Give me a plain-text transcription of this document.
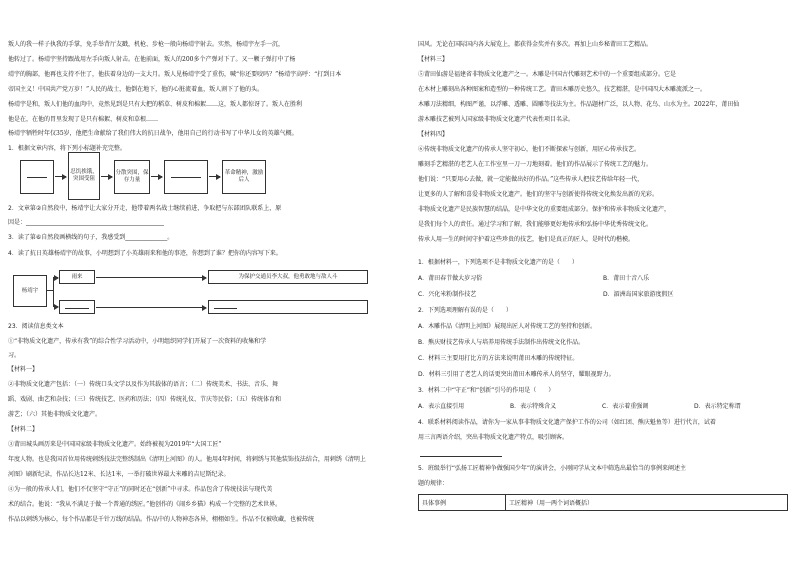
叛人的我一样子执我的手掌，免手举背厅友戳，机枪、步枪一般向杨靖宇射去。实然，杨靖宇左手一沉，
他转过了。杨靖宇坚持跟战用左手向叛人射击。在他前面，叛人的200多个产弹对下了。又一颗子弹打中了杨
靖宇的胸部，他再也支持不住了，他扶着身边的一支大月。叛人见杨靖宇受了重伤，喊“你还要咬吗？”杨靖宇高呼：“打到日本
帝国主义！中国共产党万岁！”人民的战士，他倒在地下，他的心脏流着血，叛人割下了他的头。
杨靖宇是和，叛人们他的血肉中，竟然见到是只有大把的稻草、树皮和棉絮……这，叛人都惊讶了。叛人在胜利
他是在，在他的胃里发现了是只有棉絮、树皮和草根……
杨靖宇牺牲时年仅35岁，他把生命献给了我们伟大的抗日战争，他用自己的行动书写了中华儿女的英雄气概。
1．根据文章内容，将下列小标题补充完整。
忍饥挨饿，突围受阻
分散突围，保存力量
革命精神，激励后人
2．文章第②自然段中，杨靖宇让大家分开走，他带着两名战士继续前进，争取把与东部团队联系上，原
因是：______________________________________________
3．读了第⑥自然段画横线的句子，我感受到______________。
4．读了抗日英雄杨靖宇的故事，小明想到了小英雄雨来和他的事迹，你想到了谁？把你的内容写下来。
杨靖宇
雨来	为保护交通员李大叔，他勇敢地与敌人斗
23．阅读信息类文本
①“非物质文化遗产，传承有我”的综合性学习活动中，小明组织同学们开展了一次资料的收集和学
习。
【材料一】
②非物质文化遗产包括：（一）传统口头文学以及作为其载体的语言；（二）传统美术、书法、音乐、舞
蹈、戏剧、曲艺和杂技；（三）传统技艺、医药和历法；（四）传统礼仪、节庆等民俗；（五）传统体育和
游艺；（六）其他非物质文化遗产。
【材料二】
③莆田城头画历来是中国国家级非物质文化遗产。始终被视为2019年“大国工匠”
年度人物。也是我国首位用传统刺绣技法完整绣制出《清明上河图》的人。他用4年时间，将刺绣与其他装饰技法结合，用刺绣《清明上
河图》刷新纪录，作品长达12米、长达1米，一举打破世界最大米雕的吉尼斯纪录。
④为一般的传承人们，他们不仅坚守“守正”的同时还在“创新”中寻求。作品包含了传统技法与现代美
术的结合。他说：“我从不满足于做一个普通的绣匠。”他创作的《闹乡乡猫》构成一个完整的艺术世界。
作品以刺绣为核心，每个作品都是千针万线的结晶。作品中的人物神态各异，栩栩如生。作品不仅被收藏，也被传统
国风。无论在国际国内各大展览上，都获得金奖并有多次。再加上山乡秘莆田工艺精品。
【材料三】
⑤莆田仙游是福建省非物质文化遗产之一。木雕是中国古代雕刻艺术中的一个重要组成部分。它是
在木材上雕刻出各种图案和造型的一种传统工艺。莆田木雕历史悠久，技艺精湛，是中国四大木雕流派之一。
木雕刀法精细，构图严谨，以浮雕、透雕、圆雕等技法为主。作品题材广泛，以人物、花鸟、山水为主。2022年，莆田仙
游木雕技艺被列入国家级非物质文化遗产代表性项目名录。
【材料四】
⑥传统非物质文化遗产的传承人坚守初心，他们不断探索与创新，用匠心传承技艺。
雕刻手艺精湛的老艺人在工作室里一刀一刀地刻着。他们的作品展示了传统工艺的魅力。
他们说：“只要用心去做，就一定能做出好的作品。”这些传承人把技艺传给年轻一代，
让更多的人了解和喜爱非物质文化遗产。他们的坚守与创新使得传统文化焕发出新的光彩。
非物质文化遗产是民族智慧的结晶，是中华文化的重要组成部分。保护和传承非物质文化遗产，
是我们每个人的责任。通过学习和了解，我们能够更好地传承和弘扬中华优秀传统文化。
传承人用一生的时间守护着这些珍贵的技艺，他们是真正的匠人，是时代的楷模。
1．根据材料一，下列选项不是非物质文化遗产的是（　　）
A．莆田春节做大岁习俗	B．莆田十音八乐
C．兴化米粉制作技艺	D．湄洲岛国家旅游度假区
2．下列选项理解有误的是（　　）
A．木雕作品《清明上河图》展现出匠人对传统工艺的坚持和创新。
B．熊庆财技艺传承人与培养用传统手法制作出传统文化作品。
C．材料三主要用打比方的方法来说明莆田木雕的传统特征。
D．材料三引用了老艺人的话更突出莆田木雕传承人的坚守，耀眼视野力。
3．材料二中“守正”和“创新”引号的作用是（　　）
A．表示直接引用	B．表示特殊含义	C．表示着重强调	D．表示特定称谓
4．联系材料阅读作品，请你为一家从事非物质文化遗产保护工作的公司（如红团、熊庆魁鱼等）进行代言，试着
用三言两语介绍，突出非物质文化遗产特点，吸引顾客。
5．班级举行“弘扬工匠精神争做强国少年”的演讲会，小刚同学从文本中筛选出最恰当的事例来阐述主
题的规律：
具体事例	工匠精神（用一两个词语概括）
